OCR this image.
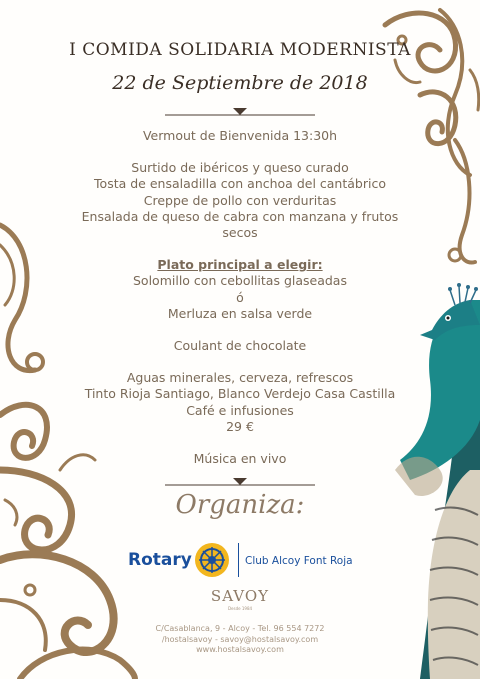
I COMIDA SOLIDARIA MODERNISTA
22 de Septiembre de 2018

Vermout de Bienvenida 13:30h

Surtido de ibéricos y queso curado

Tosta de ensaladilla con anchoa del cantábrico

Creppe de pollo con verduritas

Ensalada de queso de cabra con manzana y frutos secos

Plato principal a elegir:

Solomillo con cebollitas glaseadas

ó

Merluza en salsa verde

Coulant de chocolate

Aguas minerales, cerveza, refrescos

Tinto Rioja Santiago, Blanco Verdejo Casa Castilla

Café e infusiones

29 €

Música en vivo

Organiza:
Rotary	Club Alcoy Font Roja
SAVOY
Desde 1984
C/Casablanca, 9 - Alcoy - Tel. 96 554 7272
/hostalsavoy - savoy@hostalsavoy.com
www.hostalsavoy.com
